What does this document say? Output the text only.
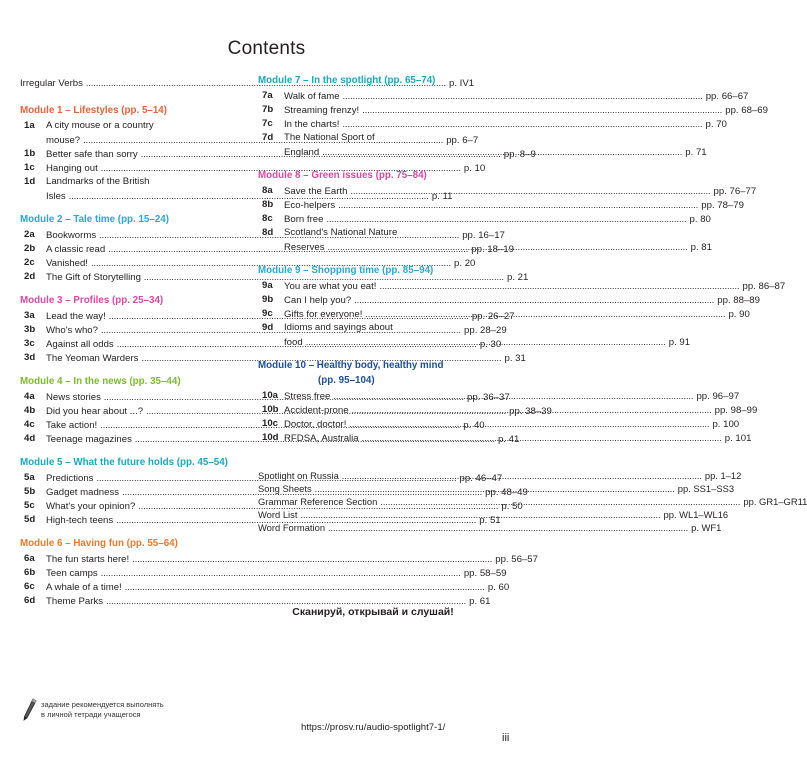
Contents
Irregular Verbs .....	p. IV1
Module 1 – Lifestyles (pp. 5–14)
1a	A city mouse or a country
mouse? .....	pp. 6–7
1b	Better safe than sorry .....	pp. 8–9
1c	Hanging out .....	p. 10
1d	Landmarks of the British
Isles .....	p. 11
Module 2 – Tale time (pp. 15–24)
2a	Bookworms .....	pp. 16–17
2b	A classic read .....	pp. 18–19
2c	Vanished! .....	p. 20
2d	The Gift of Storytelling .....	p. 21
Module 3 – Profiles (pp. 25–34)
3a	Lead the way! .....	pp. 26–27
3b	Who's who? .....	pp. 28–29
3c	Against all odds .....	p. 30
3d	The Yeoman Warders .....	p. 31
Module 4 – In the news (pp. 35–44)
4a	News stories .....	pp. 36–37
4b	Did you hear about ...? .....	pp. 38–39
4c	Take action! .....	p. 40
4d	Teenage magazines .....	p. 41
Module 5 – What the future holds (pp. 45–54)
5a	Predictions .....	pp. 46–47
5b	Gadget madness .....	pp. 48–49
5c	What's your opinion? .....	p. 50
5d	High-tech teens .....	p. 51
Module 6 – Having fun (pp. 55–64)
6a	The fun starts here! .....	pp. 56–57
6b	Teen camps .....	pp. 58–59
6c	A whale of a time! .....	p. 60
6d	Theme Parks .....	p. 61
Module 7 – In the spotlight (pp. 65–74)
7a	Walk of fame .....	pp. 66–67
7b	Streaming frenzy! .....	pp. 68–69
7c	In the charts! .....	p. 70
7d	The National Sport of
England .....	p. 71
Module 8 – Green issues (pp. 75–84)
8a	Save the Earth .....	pp. 76–77
8b	Eco-helpers .....	pp. 78–79
8c	Born free .....	p. 80
8d	Scotland's National Nature
Reserves .....	p. 81
Module 9 – Shopping time (pp. 85–94)
9a	You are what you eat! .....	pp. 86–87
9b	Can I help you? .....	pp. 88–89
9c	Gifts for everyone! .....	p. 90
9d	Idioms and sayings about
food .....	p. 91
Module 10 – Healthy body, healthy mind
(pp. 95–104)
10a Stress free .....	pp. 96–97
10b Accident-prone .....	pp. 98–99
10c Doctor, doctor! .....	p. 100
10d RFDSA, Australia .....	p. 101
Spotlight on Russia .....	pp. 1–12
Song Sheets .....	pp. SS1–SS3
Grammar Reference Section .....	pp. GR1–GR11
Word List .....	pp. WL1–WL16
Word Formation .....	p. WF1
Сканируй, открывай и слушай!
задание рекомендуется выполнять
в личной тетради учащегося
https://prosv.ru/audio-spotlight7-1/
iii
